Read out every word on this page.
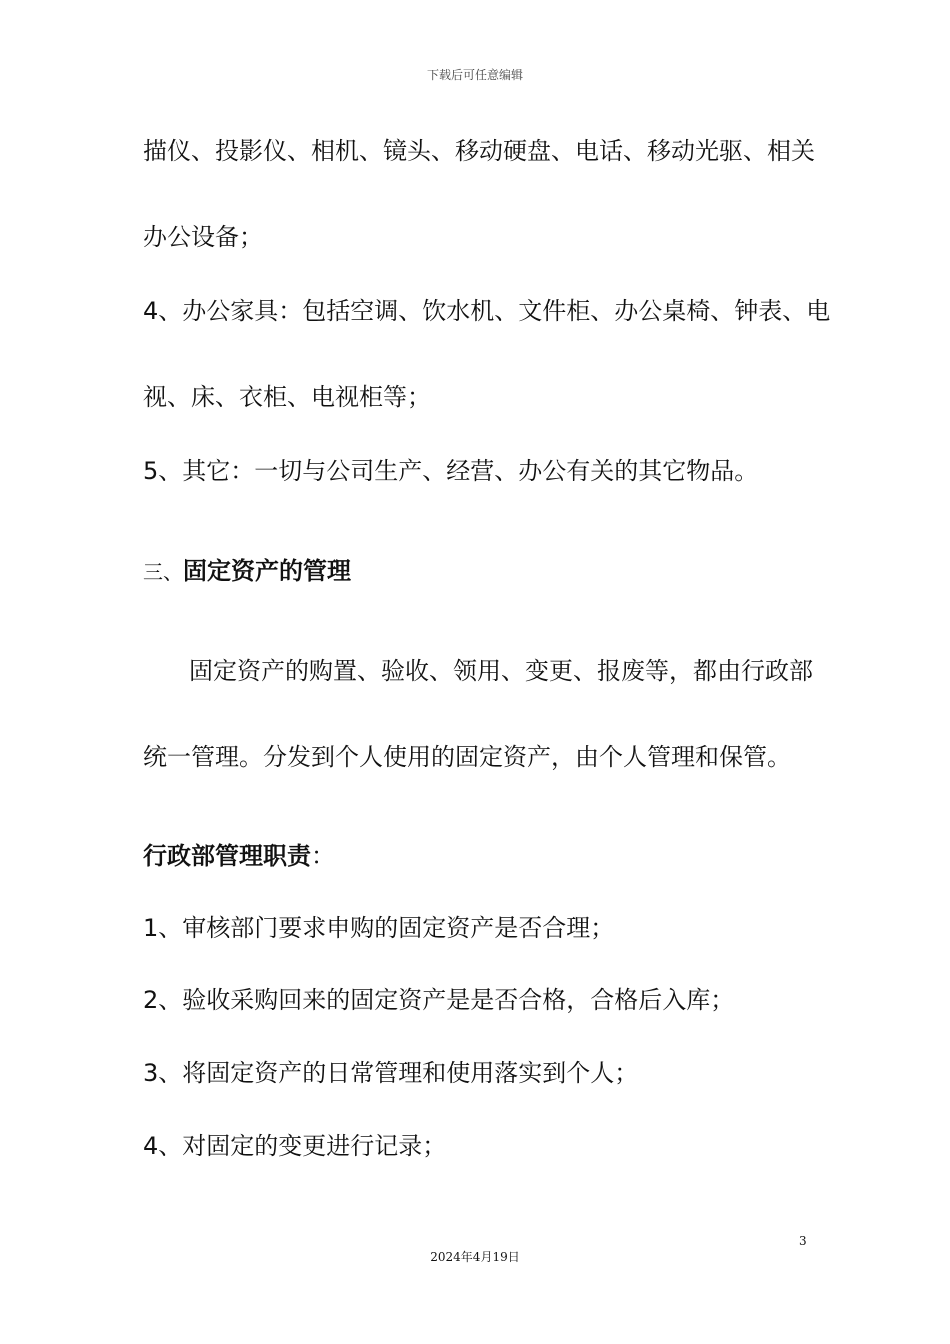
下载后可任意编辑
描仪、投影仪、相机、镜头、移动硬盘、电话、移动光驱、相关
办公设备；
4、办公家具：包括空调、饮水机、文件柜、办公桌椅、钟表、电
视、床、衣柜、电视柜等；
5、其它：一切与公司生产、经营、办公有关的其它物品。
三、固定资产的管理
固定资产的购置、验收、领用、变更、报废等，都由行政部
统一管理。分发到个人使用的固定资产，由个人管理和保管。
行政部管理职责：
1、审核部门要求申购的固定资产是否合理；
2、验收采购回来的固定资产是是否合格，合格后入库；
3、将固定资产的日常管理和使用落实到个人；
4、对固定的变更进行记录；
3
2024年4月19日
